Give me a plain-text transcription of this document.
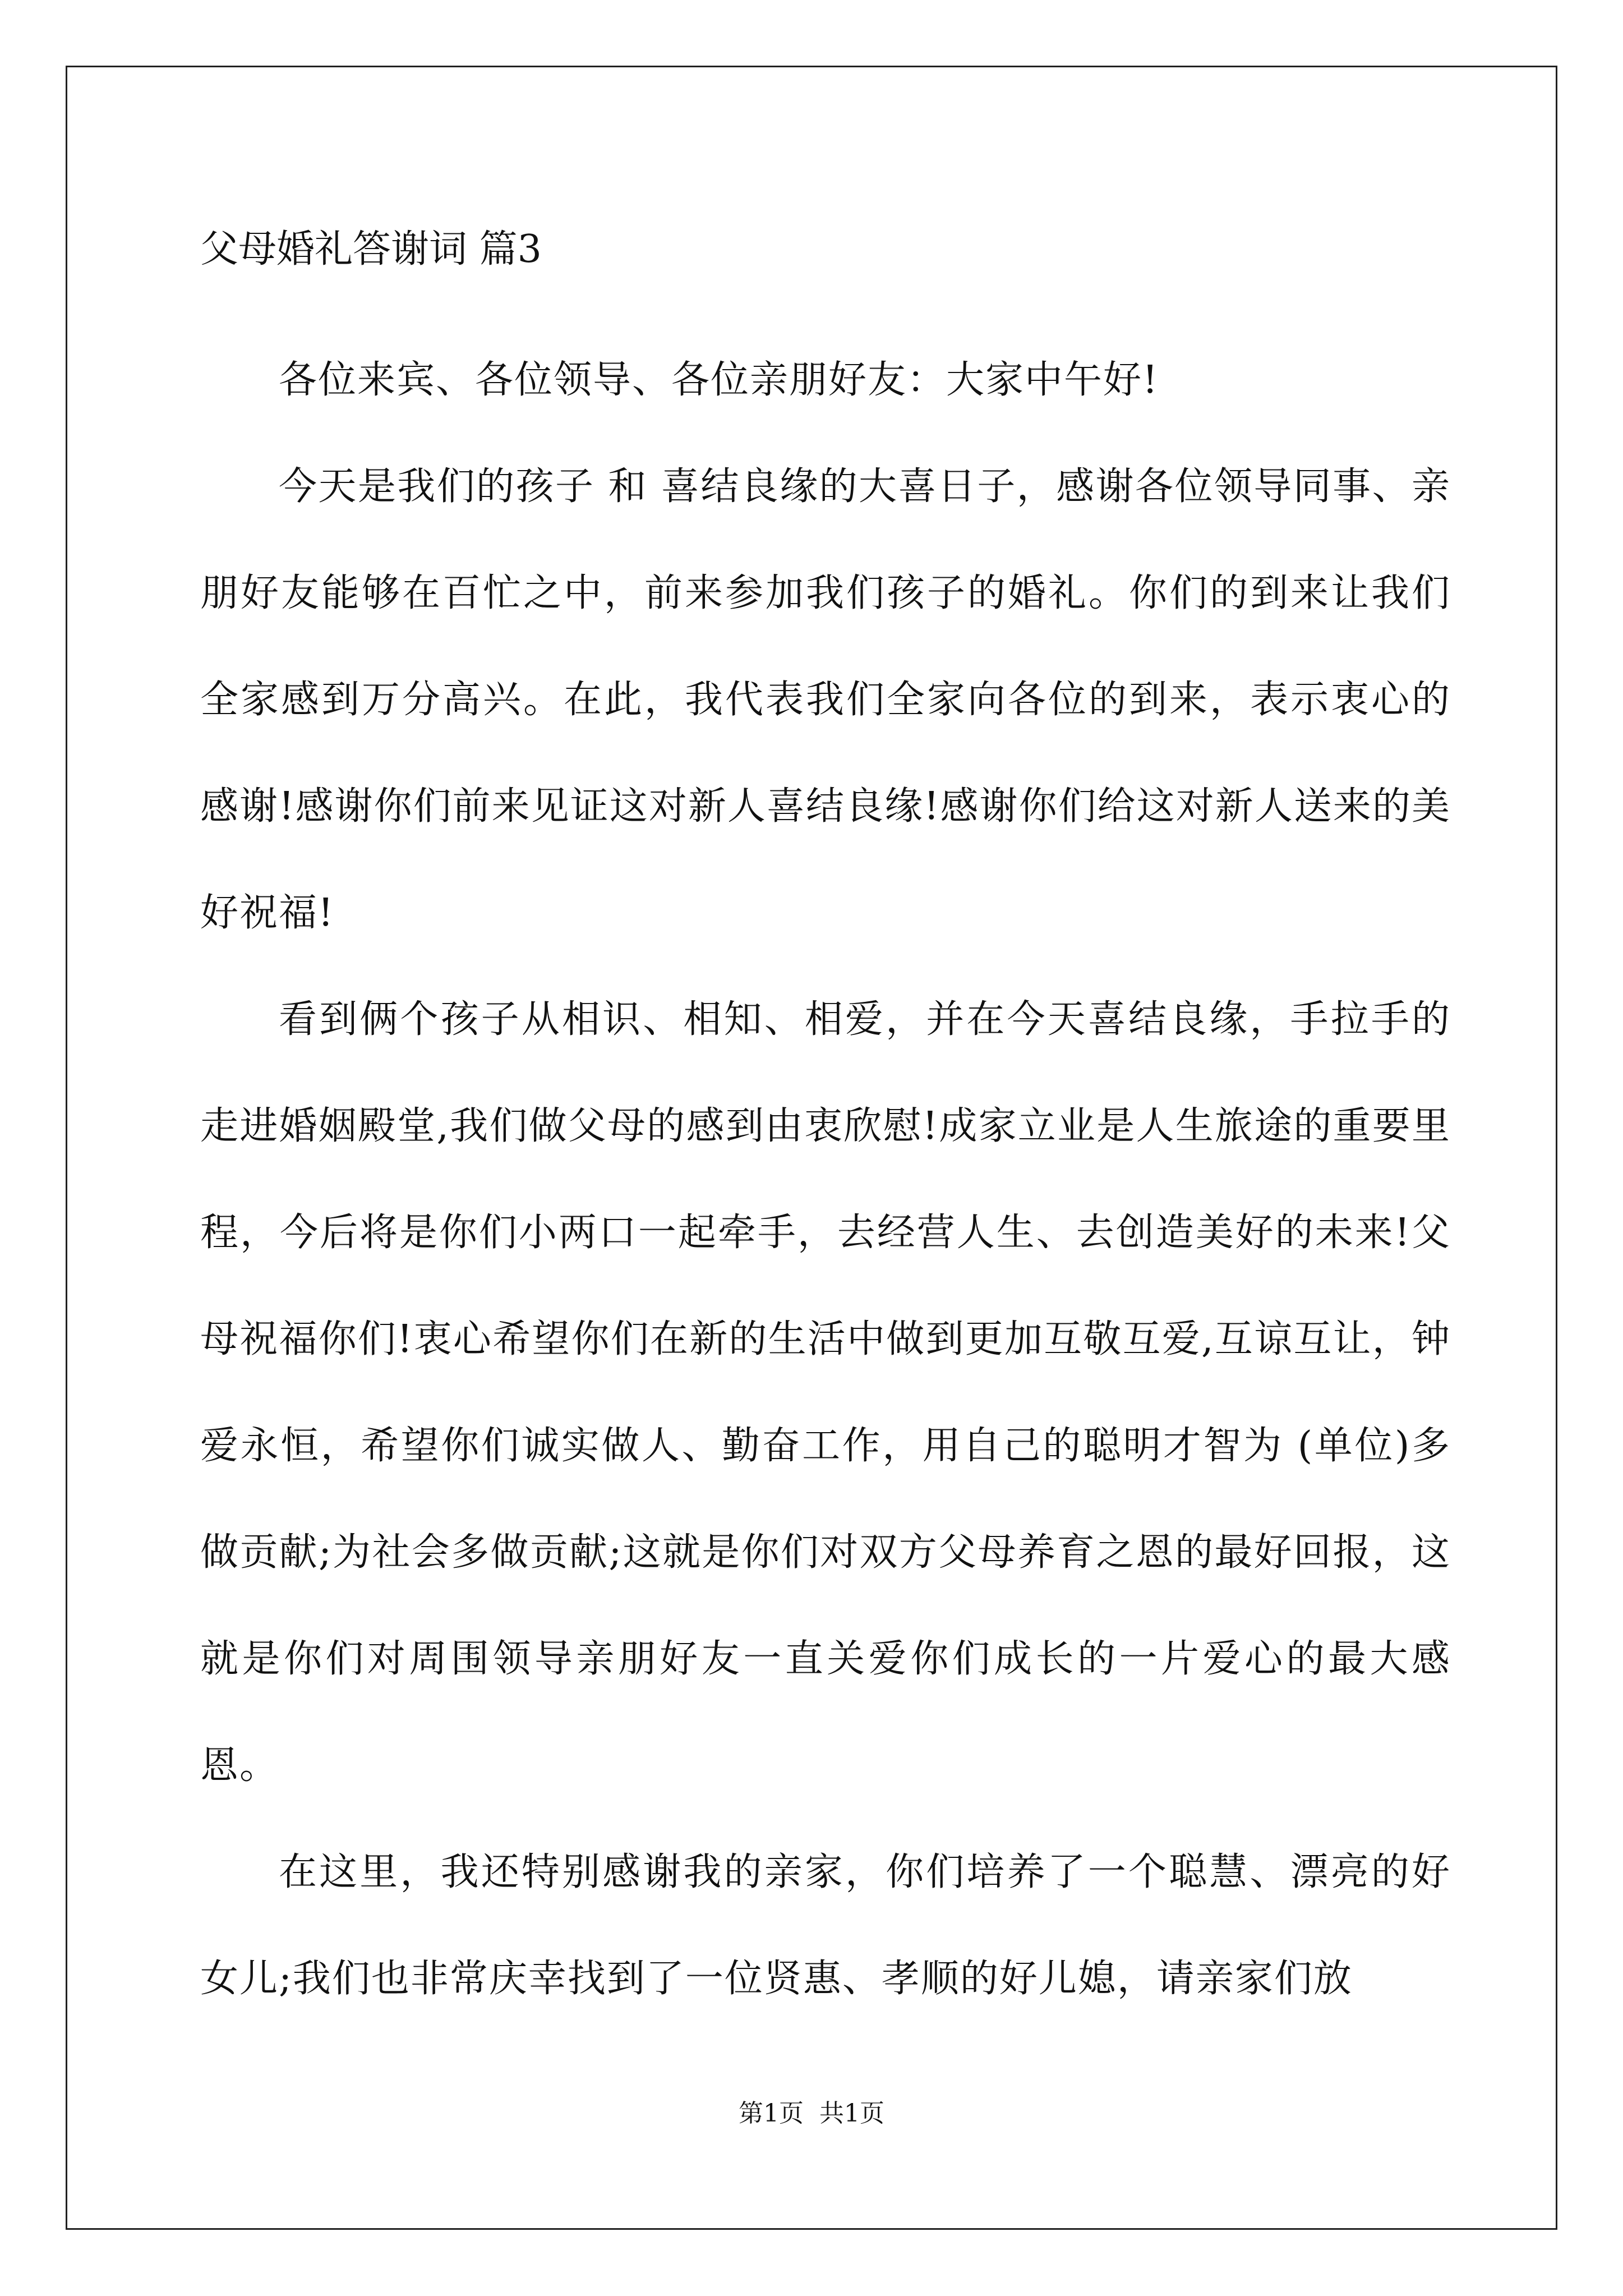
父母婚礼答谢词 篇3

各位来宾、各位领导、各位亲朋好友：大家中午好!

今天是我们的孩子 和 喜结良缘的大喜日子，感谢各位领导同事、亲朋好友能够在百忙之中，前来参加我们孩子的婚礼。你们的到来让我们全家感到万分高兴。在此，我代表我们全家向各位的到来，表示衷心的感谢!感谢你们前来见证这对新人喜结良缘!感谢你们给这对新人送来的美好祝福!

看到俩个孩子从相识、相知、相爱，并在今天喜结良缘，手拉手的走进婚姻殿堂,我们做父母的感到由衷欣慰!成家立业是人生旅途的重要里程，今后将是你们小两口一起牵手，去经营人生、去创造美好的未来!父母祝福你们!衷心希望你们在新的生活中做到更加互敬互爱,互谅互让，钟爱永恒，希望你们诚实做人、勤奋工作，用自己的聪明才智为 (单位)多做贡献;为社会多做贡献;这就是你们对双方父母养育之恩的最好回报，这就是你们对周围领导亲朋好友一直关爱你们成长的一片爱心的最大感恩。

在这里，我还特别感谢我的亲家，你们培养了一个聪慧、漂亮的好女儿;我们也非常庆幸找到了一位贤惠、孝顺的好儿媳，请亲家们放

第1页  共1页
